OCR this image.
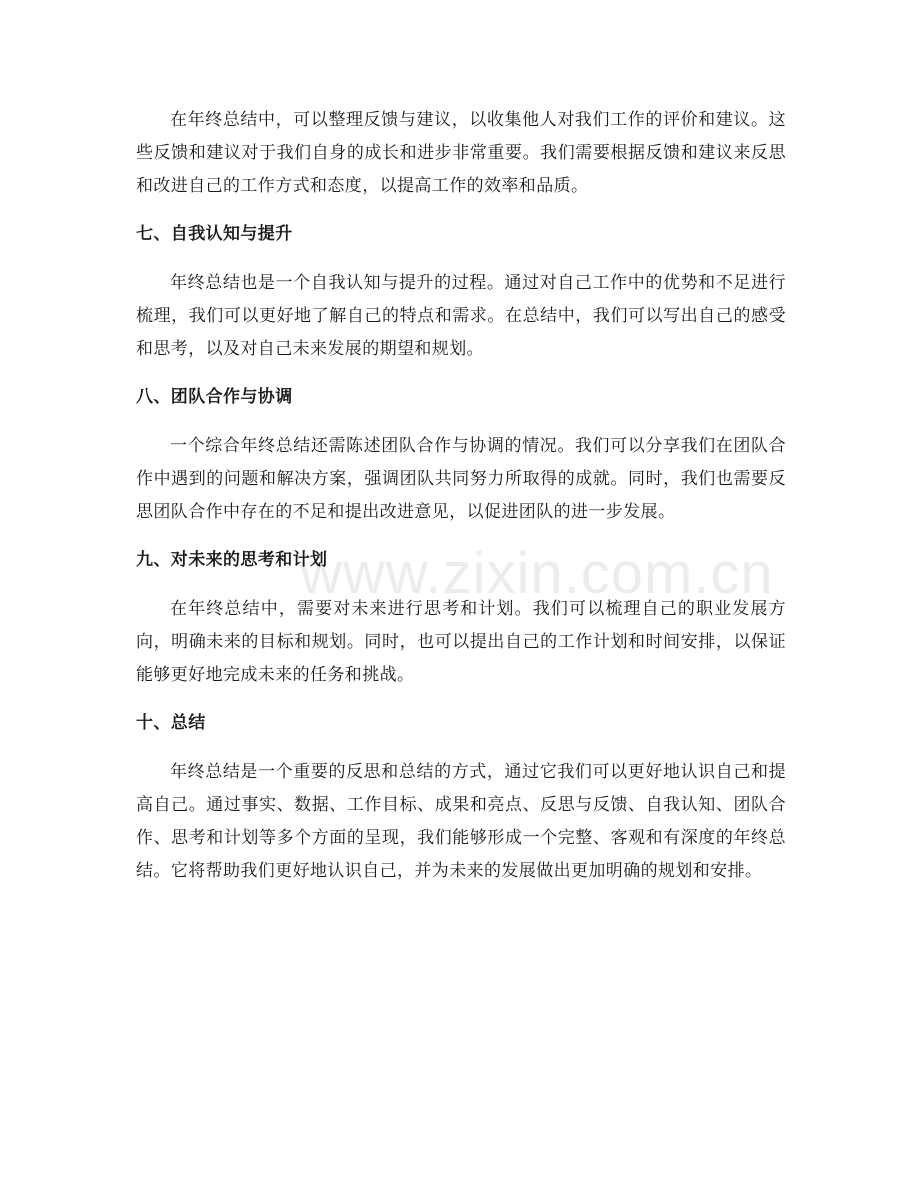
在年终总结中，可以整理反馈与建议，以收集他人对我们工作的评价和建议。这些反馈和建议对于我们自身的成长和进步非常重要。我们需要根据反馈和建议来反思和改进自己的工作方式和态度，以提高工作的效率和品质。

七、自我认知与提升

年终总结也是一个自我认知与提升的过程。通过对自己工作中的优势和不足进行梳理，我们可以更好地了解自己的特点和需求。在总结中，我们可以写出自己的感受和思考，以及对自己未来发展的期望和规划。

八、团队合作与协调

一个综合年终总结还需陈述团队合作与协调的情况。我们可以分享我们在团队合作中遇到的问题和解决方案，强调团队共同努力所取得的成就。同时，我们也需要反思团队合作中存在的不足和提出改进意见，以促进团队的进一步发展。

九、对未来的思考和计划

在年终总结中，需要对未来进行思考和计划。我们可以梳理自己的职业发展方向，明确未来的目标和规划。同时，也可以提出自己的工作计划和时间安排，以保证能够更好地完成未来的任务和挑战。

十、总结

年终总结是一个重要的反思和总结的方式，通过它我们可以更好地认识自己和提高自己。通过事实、数据、工作目标、成果和亮点、反思与反馈、自我认知、团队合作、思考和计划等多个方面的呈现，我们能够形成一个完整、客观和有深度的年终总结。它将帮助我们更好地认识自己，并为未来的发展做出更加明确的规划和安排。

www.zixin.com.cn
